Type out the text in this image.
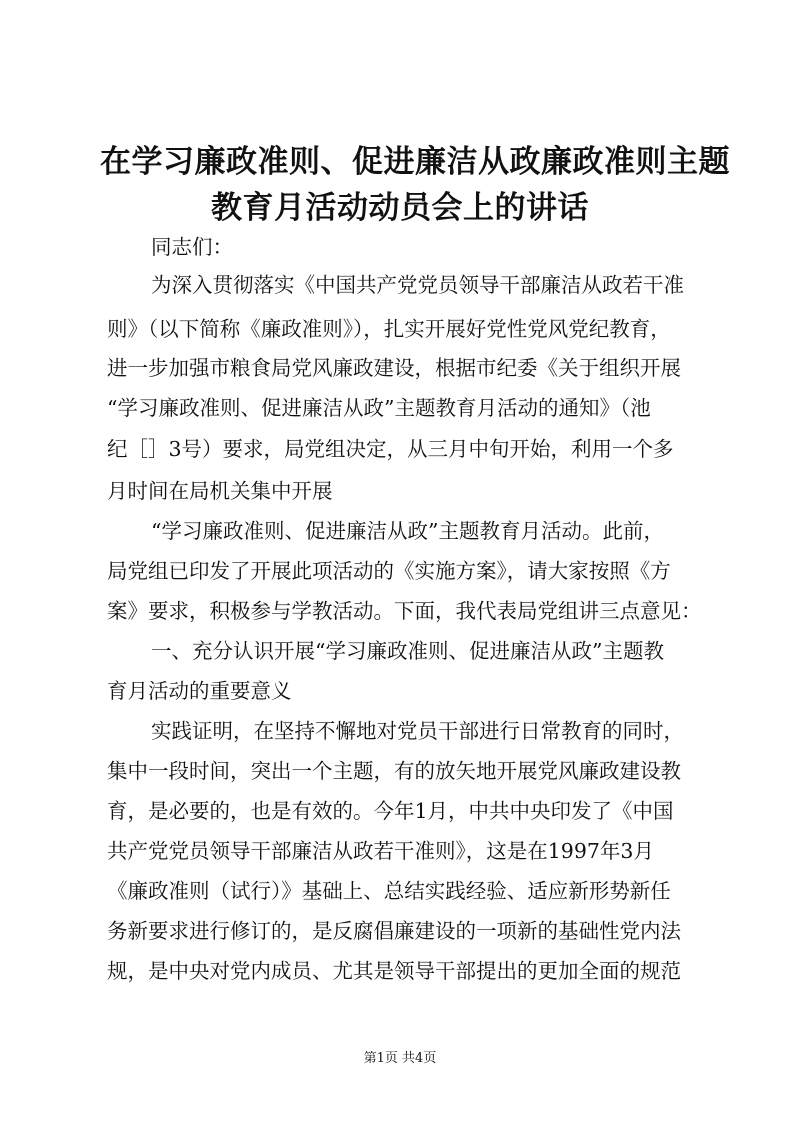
在学习廉政准则、促进廉洁从政廉政准则主题
教育月活动动员会上的讲话
同志们：
为深入贯彻落实《中国共产党党员领导干部廉洁从政若干准
则》（以下简称《廉政准则》），扎实开展好党性党风党纪教育，
进一步加强市粮食局党风廉政建设，根据市纪委《关于组织开展
“学习廉政准则、促进廉洁从政”主题教育月活动的通知》（池
纪［］3号）要求，局党组决定，从三月中旬开始，利用一个多
月时间在局机关集中开展
“学习廉政准则、促进廉洁从政”主题教育月活动。此前，
局党组已印发了开展此项活动的《实施方案》，请大家按照《方
案》要求，积极参与学教活动。下面，我代表局党组讲三点意见：
一、充分认识开展“学习廉政准则、促进廉洁从政”主题教
育月活动的重要意义
实践证明，在坚持不懈地对党员干部进行日常教育的同时，
集中一段时间，突出一个主题，有的放矢地开展党风廉政建设教
育，是必要的，也是有效的。今年1月，中共中央印发了《中国
共产党党员领导干部廉洁从政若干准则》，这是在1997年3月
《廉政准则（试行）》基础上、总结实践经验、适应新形势新任
务新要求进行修订的，是反腐倡廉建设的一项新的基础性党内法
规，是中央对党内成员、尤其是领导干部提出的更加全面的规范
第1页 共4页
